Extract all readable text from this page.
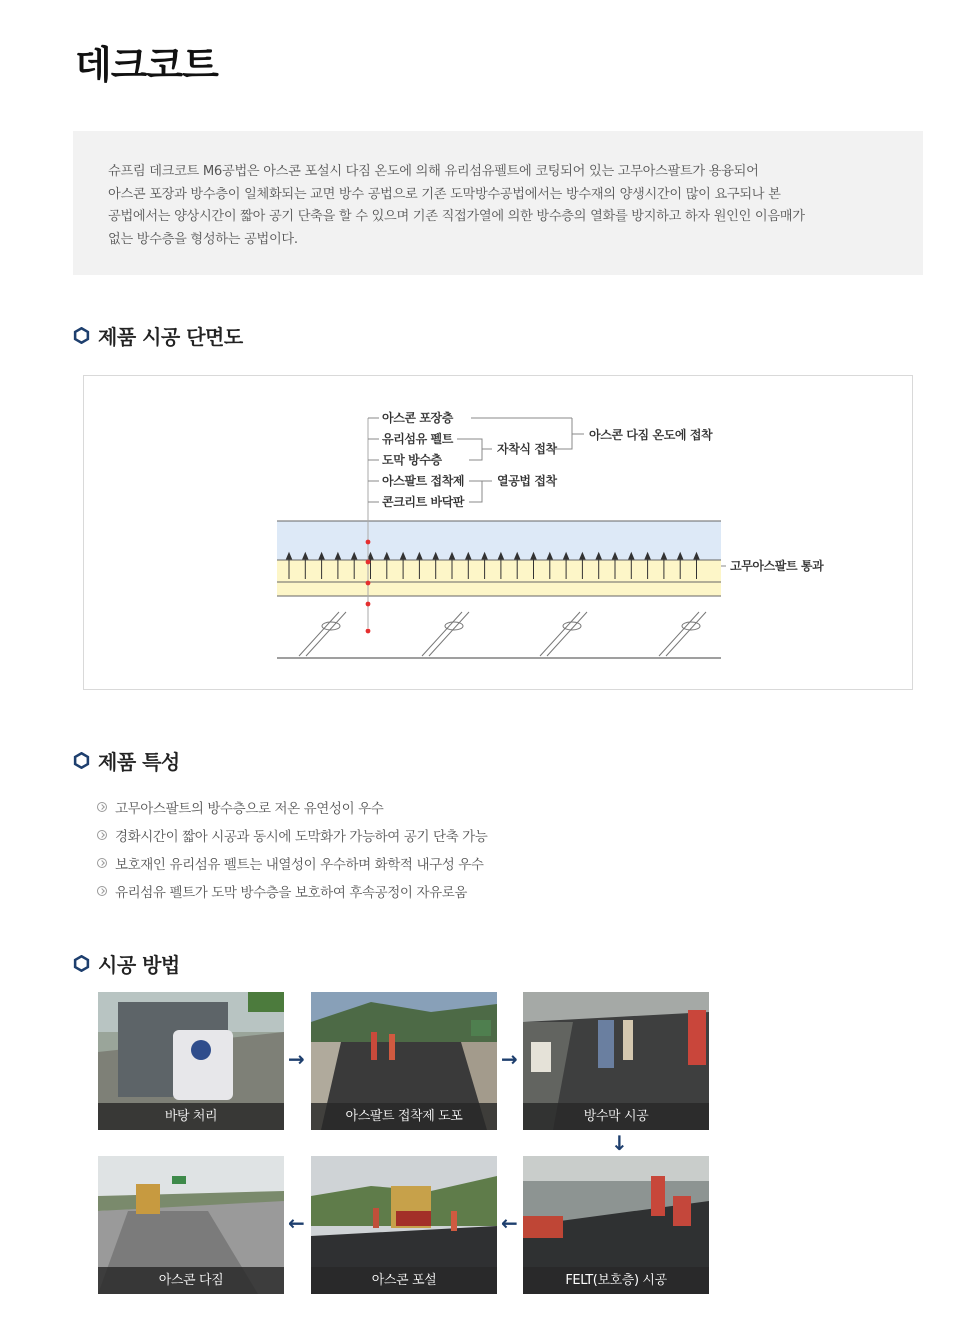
데크코트

슈프림 데크코트 M6공법은 아스콘 포설시 다짐 온도에 의해 유리섬유펠트에 코팅되어 있는 고무아스팔트가 용융되어
아스콘 포장과 방수층이 일체화되는 교면 방수 공법으로 기존 도막방수공법에서는 방수재의 양생시간이 많이 요구되나 본
공법에서는 양상시간이 짧아 공기 단축을 할 수 있으며 기존 직접가열에 의한 방수층의 열화를 방지하고 하자 원인인 이음매가
없는 방수층을 형성하는 공법이다.

제품 시공 단면도
아스콘 포장층
유리섬유 펠트
도막 방수층
아스팔트 접착제
콘크리트 바닥판
자착식 접착
열공법 접착
아스콘 다짐 온도에 접착
고무아스팔트 통과
제품 특성
고무아스팔트의 방수층으로 저온 유연성이 우수
경화시간이 짧아 시공과 동시에 도막화가 가능하여 공기 단축 가능
보호재인 유리섬유 펠트는 내열성이 우수하며 화학적 내구성 우수
유리섬유 펠트가 도막 방수층을 보호하여 후속공정이 자유로움
시공 방법
바탕 처리	아스팔트 접착제 도포	방수막 시공
FELT(보호층) 시공
아스콘 포설
아스콘 다짐
→	→
↓
←
←
